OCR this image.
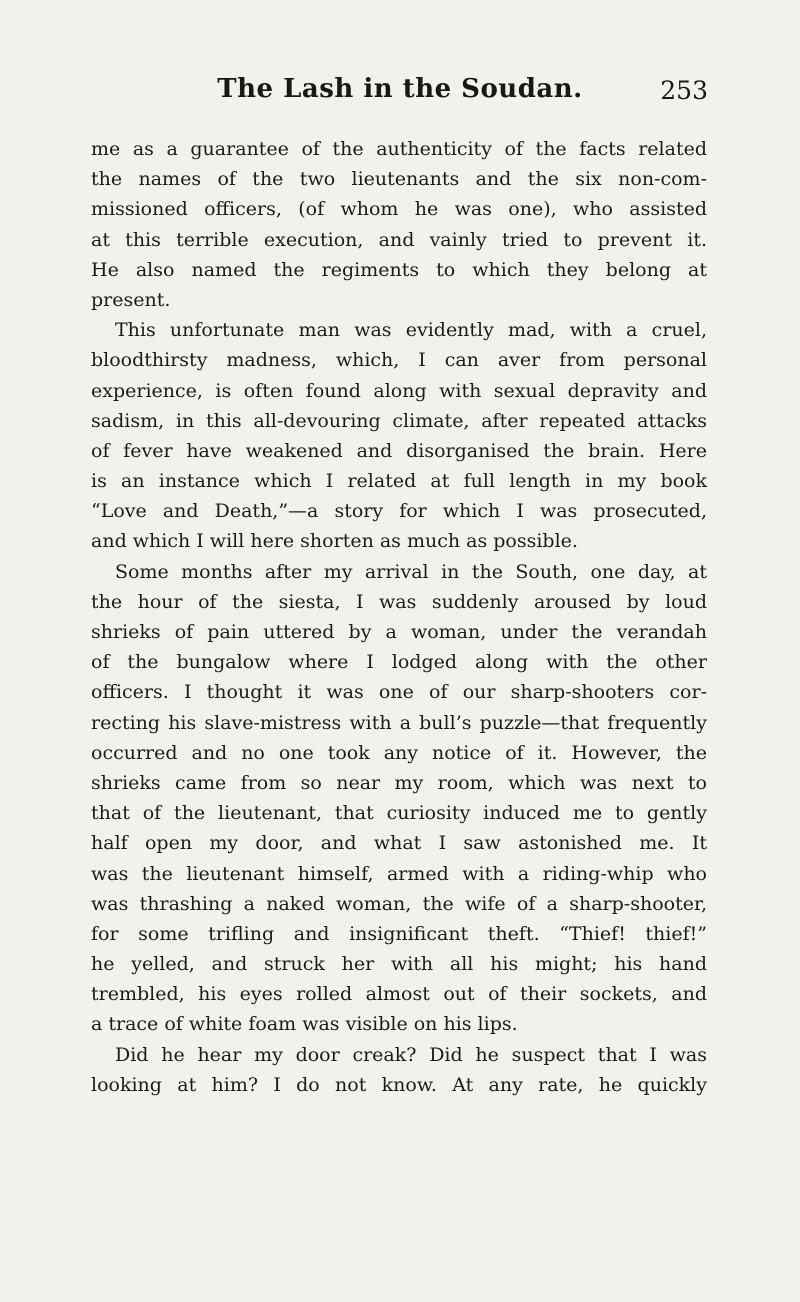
The Lash in the Soudan.	253
me as a guarantee of the authenticity of the facts related
the names of the two lieutenants and the six non-com-
missioned officers, (of whom he was one), who assisted
at this terrible execution, and vainly tried to prevent it.
He also named the regiments to which they belong at
present.
This unfortunate man was evidently mad, with a cruel,
bloodthirsty madness, which, I can aver from personal
experience, is often found along with sexual depravity and
sadism, in this all-devouring climate, after repeated attacks
of fever have weakened and disorganised the brain. Here
is an instance which I related at full length in my book
“Love and Death,”—a story for which I was prosecuted,
and which I will here shorten as much as possible.
Some months after my arrival in the South, one day, at
the hour of the siesta, I was suddenly aroused by loud
shrieks of pain uttered by a woman, under the verandah
of the bungalow where I lodged along with the other
officers. I thought it was one of our sharp-shooters cor-
recting his slave-mistress with a bull’s puzzle—that frequently
occurred and no one took any notice of it. However, the
shrieks came from so near my room, which was next to
that of the lieutenant, that curiosity induced me to gently
half open my door, and what I saw astonished me. It
was the lieutenant himself, armed with a riding-whip who
was thrashing a naked woman, the wife of a sharp-shooter,
for some trifling and insignificant theft. “Thief! thief!”
he yelled, and struck her with all his might; his hand
trembled, his eyes rolled almost out of their sockets, and
a trace of white foam was visible on his lips.
Did he hear my door creak? Did he suspect that I was
looking at him? I do not know. At any rate, he quickly
